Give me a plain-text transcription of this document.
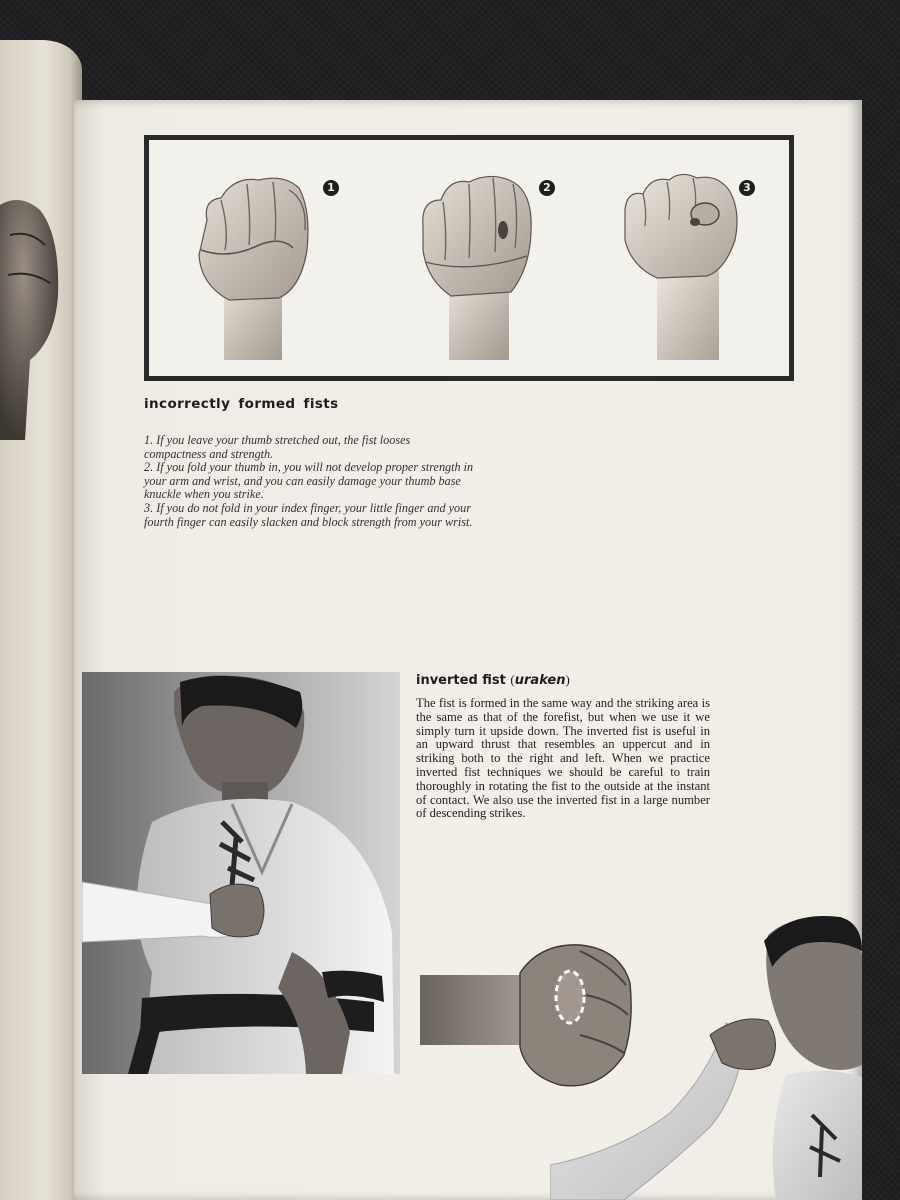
1	2	3
incorrectly formed fists
1. If you leave your thumb stretched out, the fist looses compactness and strength.
2. If you fold your thumb in, you will not develop proper strength in your arm and wrist, and you can easily damage your thumb base knuckle when you strike.
3. If you do not fold in your index finger, your little finger and your fourth finger can easily slacken and block strength from your wrist.
inverted fist (uraken)

The fist is formed in the same way and the striking area is the same as that of the forefist, but when we use it we simply turn it upside down. The inverted fist is useful in an upward thrust that resembles an uppercut and in striking both to the right and left. When we practice inverted fist techniques we should be careful to train thoroughly in rotating the fist to the outside at the instant of contact. We also use the inverted fist in a large number of descending strikes.
